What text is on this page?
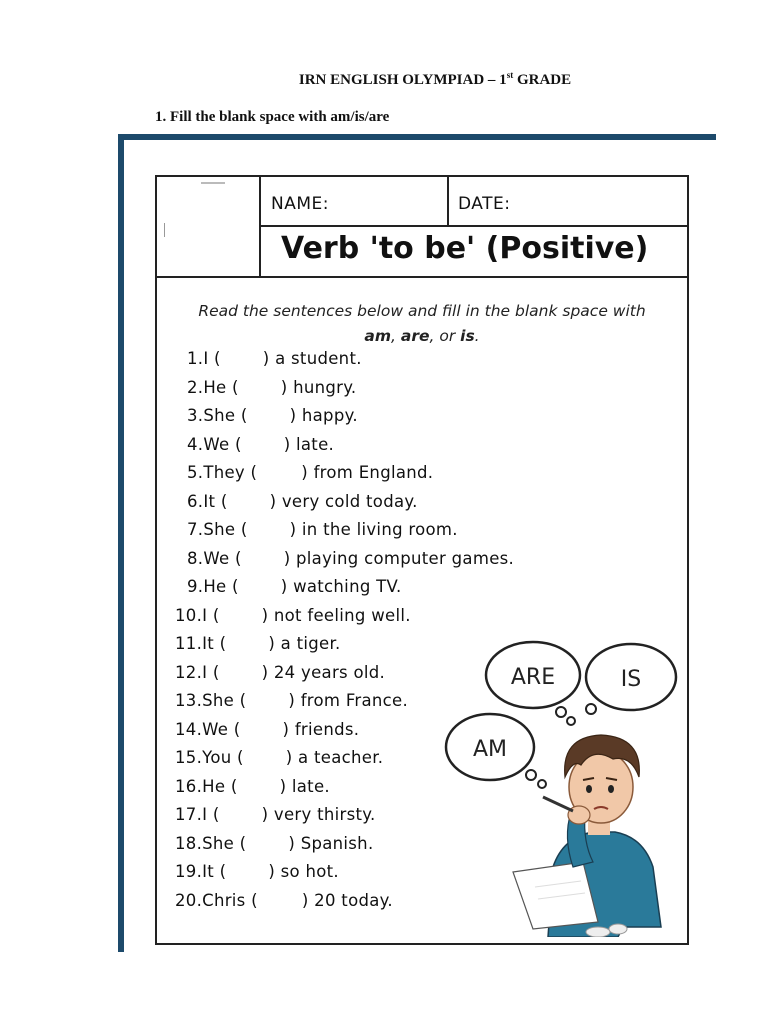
IRN ENGLISH OLYMPIAD – 1st GRADE
1. Fill the blank space with am/is/are
NAME:	DATE:
Verb 'to be' (Positive)
Read the sentences below and fill in the blank space with
am, are, or is.
1.I (	) a student.
2.He (	) hungry.
3.She (	) happy.
4.We (	) late.
5.They (	) from England.
6.It (	) very cold today.
7.She (	) in the living room.
8.We (	) playing computer games.
9.He (	) watching TV.
10.I (	) not feeling well.
11.It (	) a tiger.
12.I (	) 24 years old.
13.She (	) from France.
14.We (	) friends.
15.You (	) a teacher.
16.He (	) late.
17.I (	) very thirsty.
18.She (	) Spanish.
19.It (	) so hot.
20.Chris (	) 20 today.
ARE	IS
AM
